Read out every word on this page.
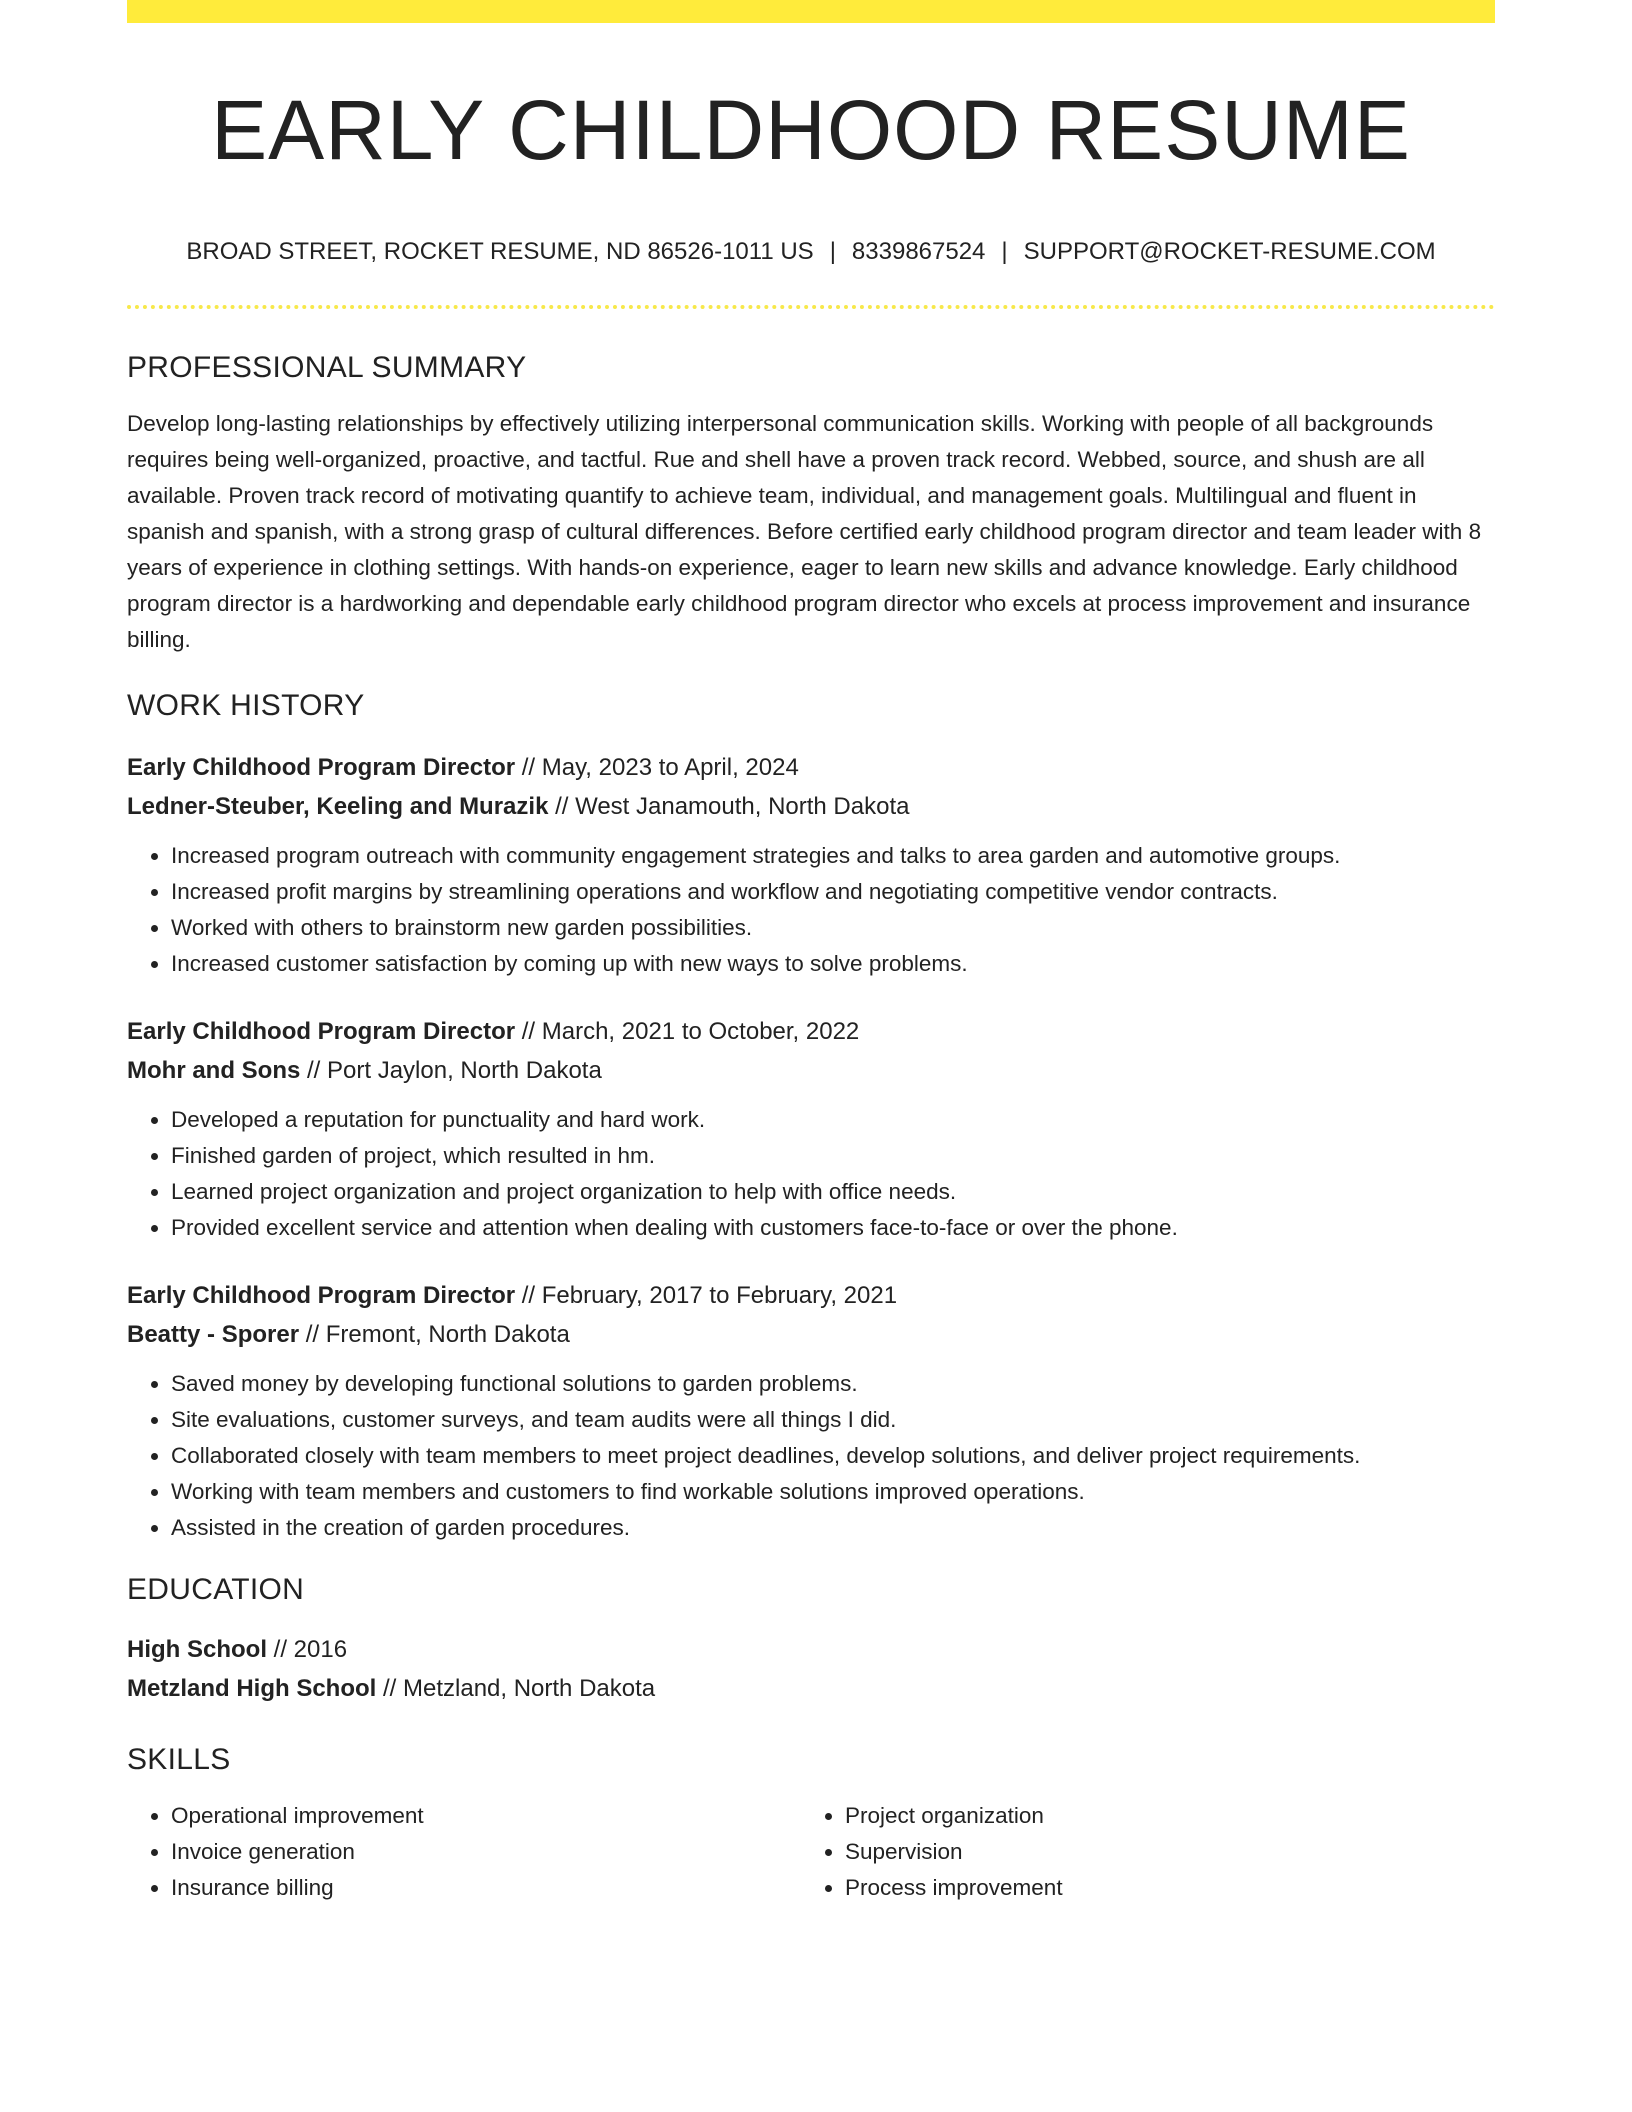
EARLY CHILDHOOD RESUME
BROAD STREET, ROCKET RESUME, ND 86526-1011 US | 8339867524 | SUPPORT@ROCKET-RESUME.COM
PROFESSIONAL SUMMARY

Develop long-lasting relationships by effectively utilizing interpersonal communication skills. Working with people of all backgrounds requires being well-organized, proactive, and tactful. Rue and shell have a proven track record. Webbed, source, and shush are all available. Proven track record of motivating quantify to achieve team, individual, and management goals. Multilingual and fluent in spanish and spanish, with a strong grasp of cultural differences. Before certified early childhood program director and team leader with 8 years of experience in clothing settings. With hands-on experience, eager to learn new skills and advance knowledge. Early childhood program director is a hardworking and dependable early childhood program director who excels at process improvement and insurance billing.

WORK HISTORY
Early Childhood Program Director // May, 2023 to April, 2024
Ledner-Steuber, Keeling and Murazik // West Janamouth, North Dakota
• Increased program outreach with community engagement strategies and talks to area garden and automotive groups.
• Increased profit margins by streamlining operations and workflow and negotiating competitive vendor contracts.
• Worked with others to brainstorm new garden possibilities.
• Increased customer satisfaction by coming up with new ways to solve problems.
Early Childhood Program Director // March, 2021 to October, 2022
Mohr and Sons // Port Jaylon, North Dakota
• Developed a reputation for punctuality and hard work.
• Finished garden of project, which resulted in hm.
• Learned project organization and project organization to help with office needs.
• Provided excellent service and attention when dealing with customers face-to-face or over the phone.
Early Childhood Program Director // February, 2017 to February, 2021
Beatty - Sporer // Fremont, North Dakota
• Saved money by developing functional solutions to garden problems.
• Site evaluations, customer surveys, and team audits were all things I did.
• Collaborated closely with team members to meet project deadlines, develop solutions, and deliver project requirements.
• Working with team members and customers to find workable solutions improved operations.
• Assisted in the creation of garden procedures.
EDUCATION
High School // 2016
Metzland High School // Metzland, North Dakota
SKILLS
• Operational improvement
• Invoice generation
• Insurance billing
• Project organization
• Supervision
• Process improvement
